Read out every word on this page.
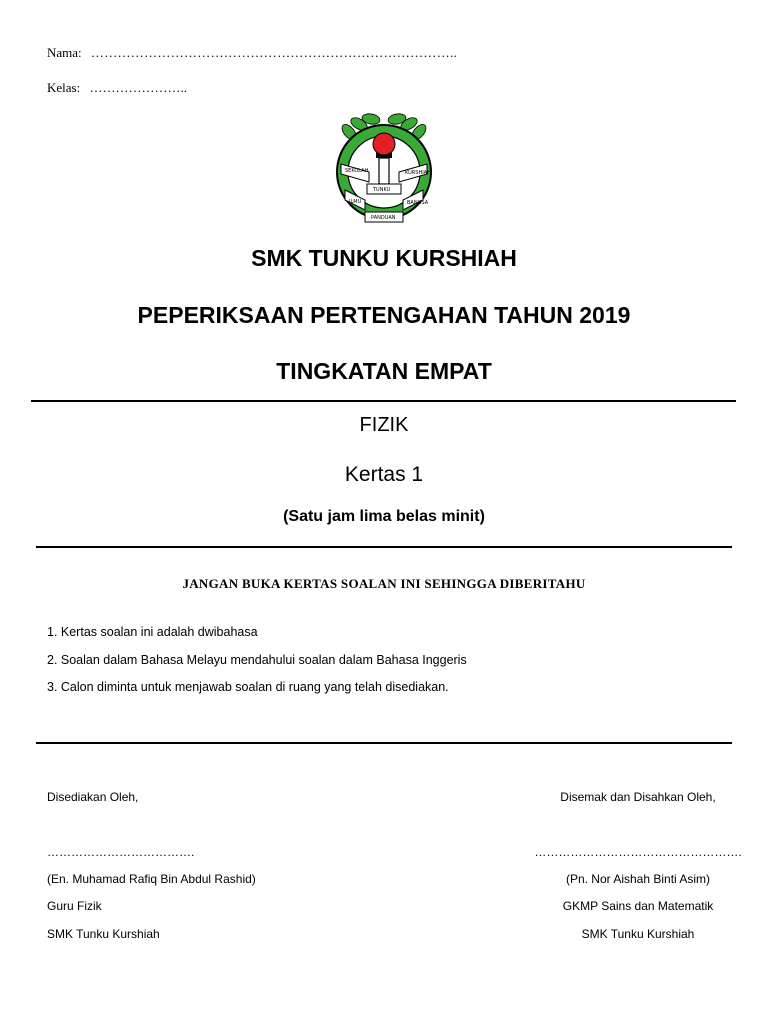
Nama: ………………………………………………………………………..
Kelas: …………………..
SEKOLAH	KURSHIAH
TUNKU
ILMU	BANGSA
PANDUAN
SMK TUNKU KURSHIAH
PEPERIKSAAN PERTENGAHAN TAHUN 2019
TINGKATAN EMPAT
FIZIK
Kertas 1
(Satu jam lima belas minit)
JANGAN BUKA KERTAS SOALAN INI SEHINGGA DIBERITAHU
1. Kertas soalan ini adalah dwibahasa
2. Soalan dalam Bahasa Melayu mendahului soalan dalam Bahasa Inggeris
3. Calon diminta untuk menjawab soalan di ruang yang telah disediakan.
Disediakan Oleh,
……………………………….
(En. Muhamad Rafiq Bin Abdul Rashid)
Guru Fizik
SMK Tunku Kurshiah
Disemak dan Disahkan Oleh,
…………………………………………….
(Pn. Nor Aishah Binti Asim)
GKMP Sains dan Matematik
SMK Tunku Kurshiah
